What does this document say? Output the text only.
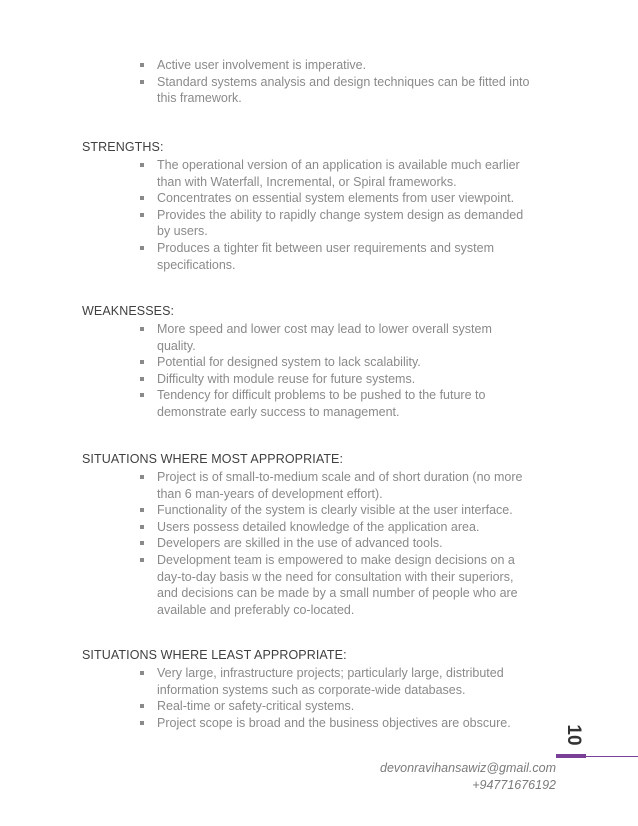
Active user involvement is imperative.
Standard systems analysis and design techniques can be fitted into
this framework.
STRENGTHS:
The operational version of an application is available much earlier
than with Waterfall, Incremental, or Spiral frameworks.
Concentrates on essential system elements from user viewpoint.
Provides the ability to rapidly change system design as demanded
by users.
Produces a tighter fit between user requirements and system
specifications.
WEAKNESSES:
More speed and lower cost may lead to lower overall system
quality.
Potential for designed system to lack scalability.
Difficulty with module reuse for future systems.
Tendency for difficult problems to be pushed to the future to
demonstrate early success to management.
SITUATIONS WHERE MOST APPROPRIATE:
Project is of small-to-medium scale and of short duration (no more
than 6 man-years of development effort).
Functionality of the system is clearly visible at the user interface.
Users possess detailed knowledge of the application area.
Developers are skilled in the use of advanced tools.
Development team is empowered to make design decisions on a
day-to-day basis w the need for consultation with their superiors,
and decisions can be made by a small number of people who are
available and preferably co-located.
SITUATIONS WHERE LEAST APPROPRIATE:
Very large, infrastructure projects; particularly large, distributed
information systems such as corporate-wide databases.
Real-time or safety-critical systems.
Project scope is broad and the business objectives are obscure.
10
devonravihansawiz@gmail.com
+94771676192
